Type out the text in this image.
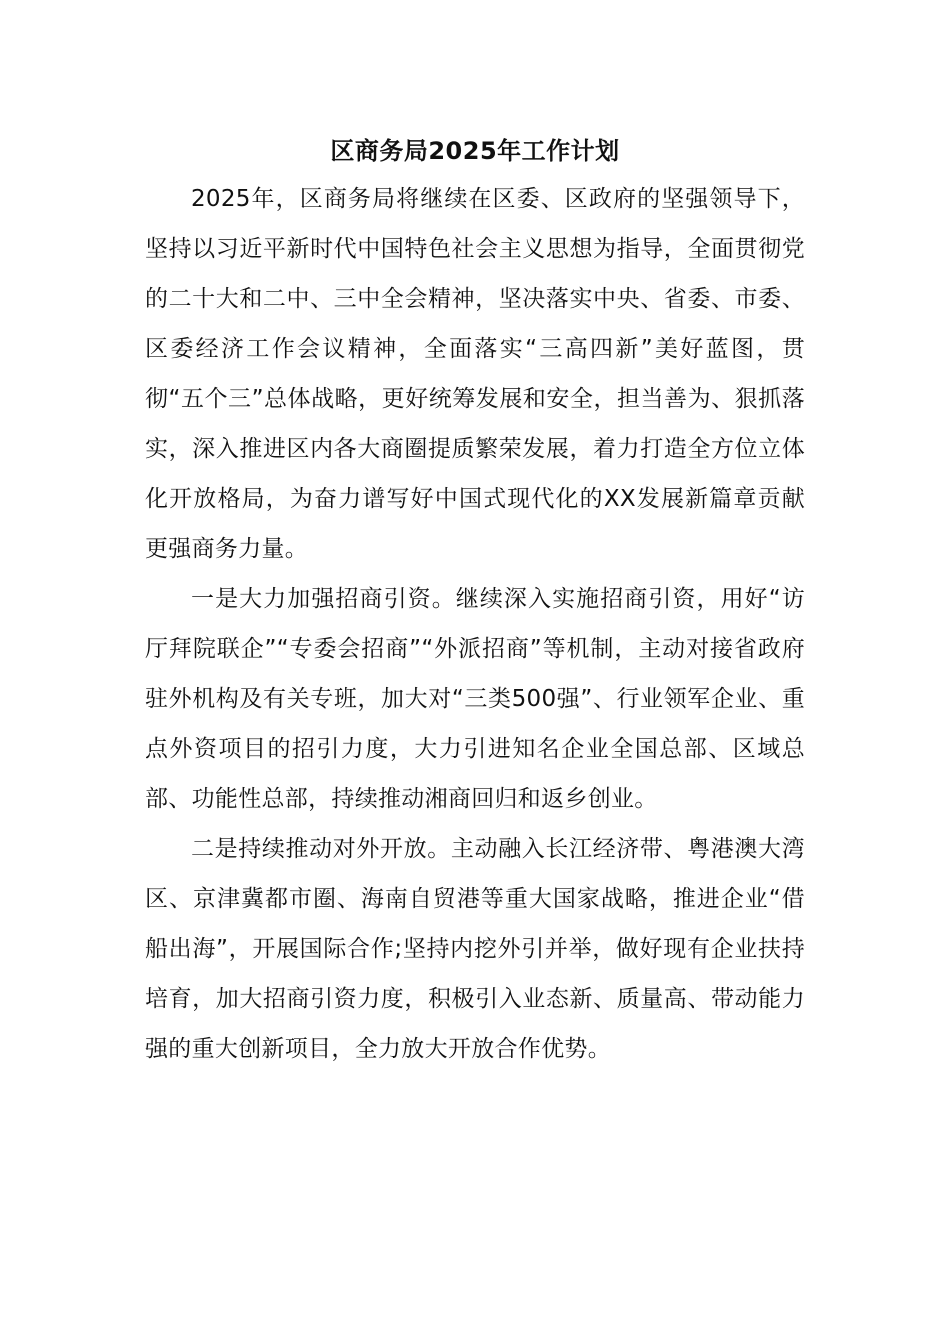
区商务局2025年工作计划

2025年，区商务局将继续在区委、区政府的坚强领导下，坚持以习近平新时代中国特色社会主义思想为指导，全面贯彻党的二十大和二中、三中全会精神，坚决落实中央、省委、市委、区委经济工作会议精神，全面落实“三高四新”美好蓝图，贯彻“五个三”总体战略，更好统筹发展和安全，担当善为、狠抓落实，深入推进区内各大商圈提质繁荣发展，着力打造全方位立体化开放格局，为奋力谱写好中国式现代化的XX发展新篇章贡献更强商务力量。

一是大力加强招商引资。继续深入实施招商引资，用好“访厅拜院联企”“专委会招商”“外派招商”等机制，主动对接省政府驻外机构及有关专班，加大对“三类500强”、行业领军企业、重点外资项目的招引力度，大力引进知名企业全国总部、区域总部、功能性总部，持续推动湘商回归和返乡创业。

二是持续推动对外开放。主动融入长江经济带、粤港澳大湾区、京津冀都市圈、海南自贸港等重大国家战略，推进企业“借船出海”，开展国际合作;坚持内挖外引并举，做好现有企业扶持培育，加大招商引资力度，积极引入业态新、质量高、带动能力强的重大创新项目，全力放大开放合作优势。
